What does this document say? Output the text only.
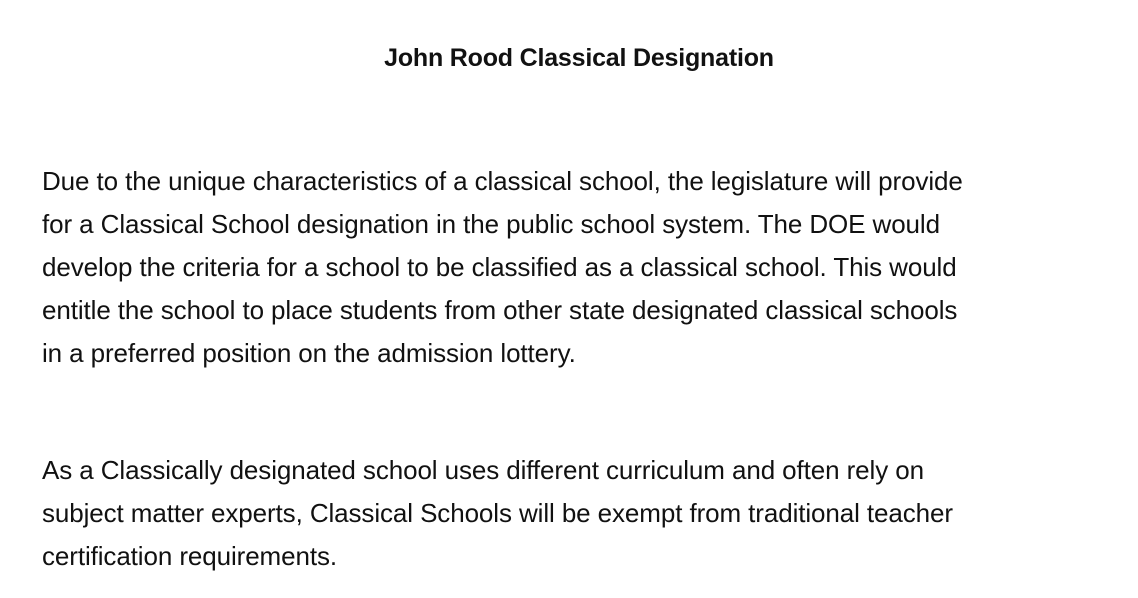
John Rood Classical Designation
Due to the unique characteristics of a classical school, the legislature will provide
for a Classical School designation in the public school system. The DOE would
develop the criteria for a school to be classified as a classical school. This would
entitle the school to place students from other state designated classical schools
in a preferred position on the admission lottery.
As a Classically designated school uses different curriculum and often rely on
subject matter experts, Classical Schools will be exempt from traditional teacher
certification requirements.
